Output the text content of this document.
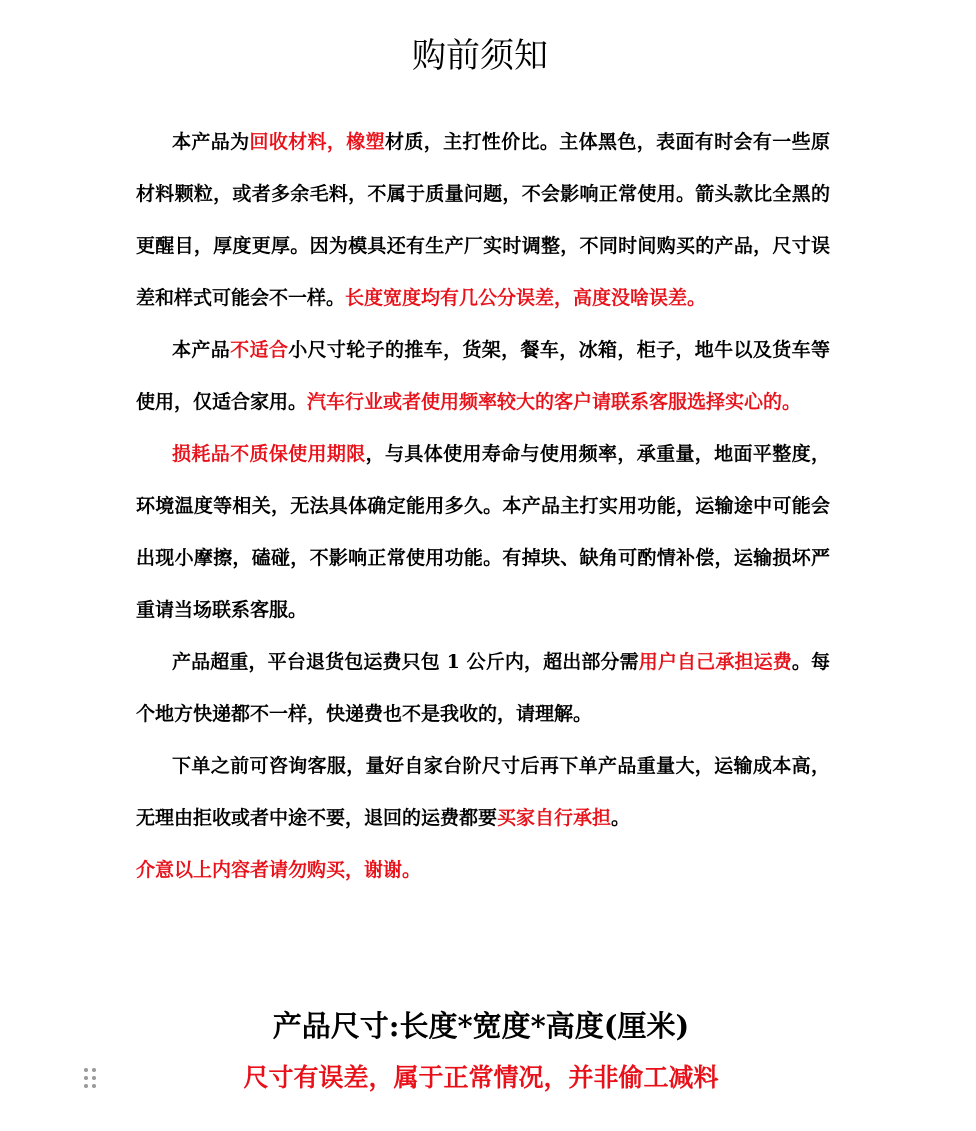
购前须知

本产品为回收材料，橡塑材质，主打性价比。主体黑色，表面有时会有一些原材料颗粒，或者多余毛料，不属于质量问题，不会影响正常使用。箭头款比全黑的更醒目，厚度更厚。因为模具还有生产厂实时调整，不同时间购买的产品，尺寸误差和样式可能会不一样。长度宽度均有几公分误差，高度没啥误差。

本产品不适合小尺寸轮子的推车，货架，餐车，冰箱，柜子，地牛以及货车等使用，仅适合家用。汽车行业或者使用频率较大的客户请联系客服选择实心的。

损耗品不质保使用期限，与具体使用寿命与使用频率，承重量，地面平整度，环境温度等相关，无法具体确定能用多久。本产品主打实用功能，运输途中可能会出现小摩擦，磕碰，不影响正常使用功能。有掉块、缺角可酌情补偿，运输损坏严重请当场联系客服。

产品超重，平台退货包运费只包 1 公斤内，超出部分需用户自己承担运费。每个地方快递都不一样，快递费也不是我收的，请理解。

下单之前可咨询客服，量好自家台阶尺寸后再下单产品重量大，运输成本高，无理由拒收或者中途不要，退回的运费都要买家自行承担。

介意以上内容者请勿购买，谢谢。

产品尺寸:长度*宽度*高度(厘米)
尺寸有误差，属于正常情况，并非偷工减料
